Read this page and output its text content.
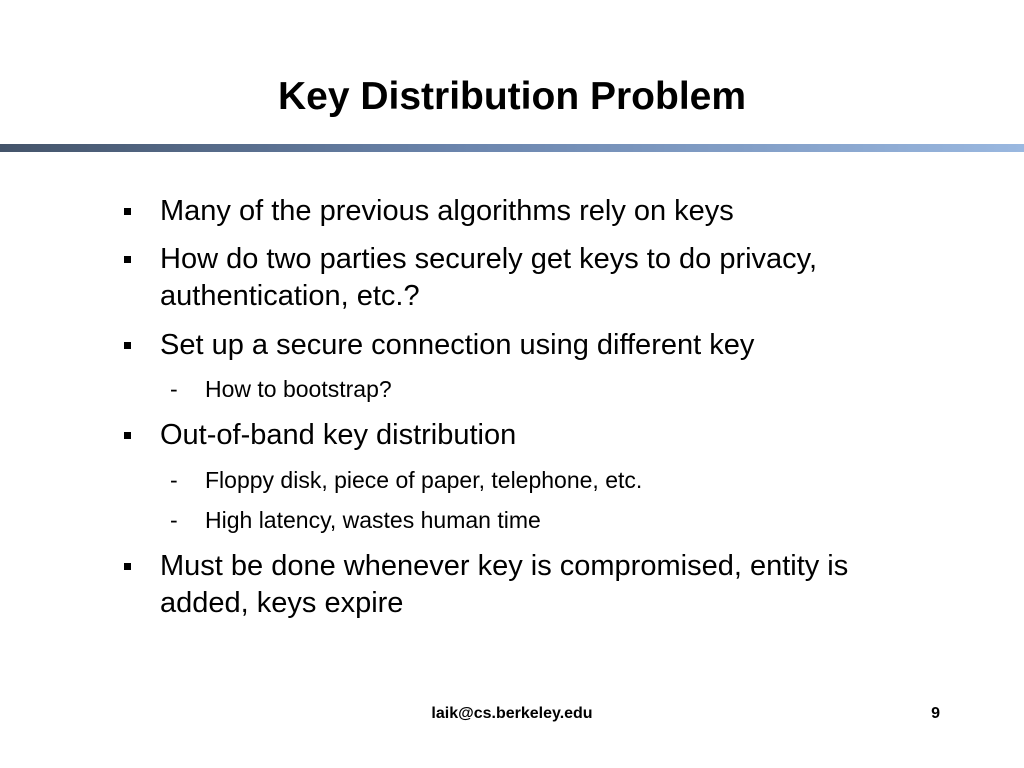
Key Distribution Problem
Many of the previous algorithms rely on keys
How do two parties securely get keys to do privacy, authentication, etc.?
Set up a secure connection using different key
- How to bootstrap?
Out-of-band key distribution
- Floppy disk, piece of paper, telephone, etc.
- High latency, wastes human time
Must be done whenever key is compromised, entity is added, keys expire
laik@cs.berkeley.edu	9
